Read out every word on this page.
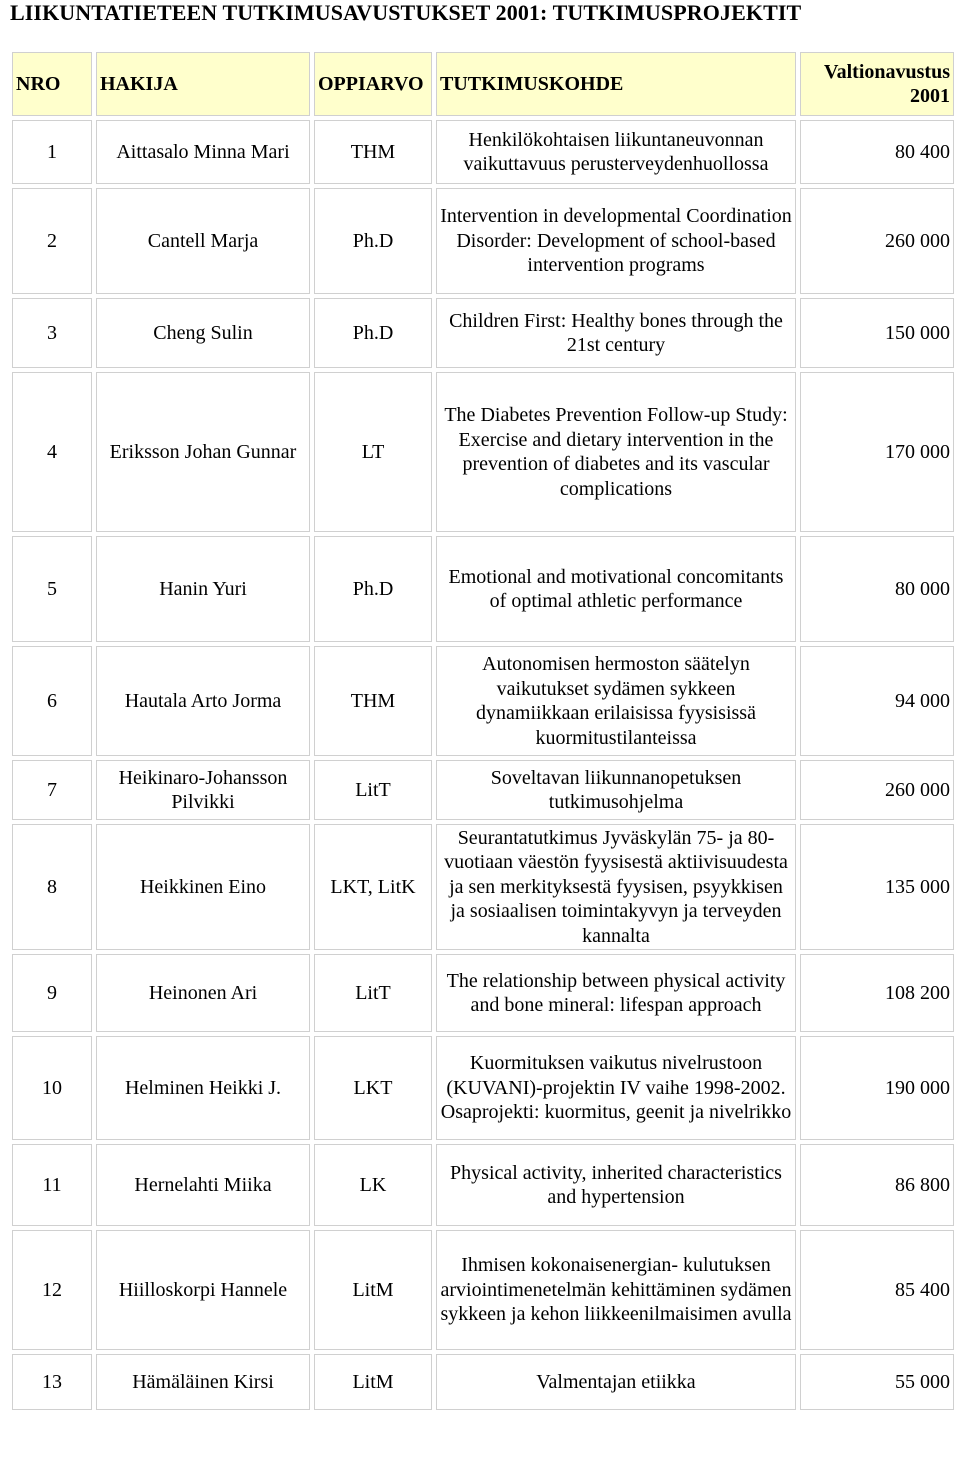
LIIKUNTATIETEEN TUTKIMUSAVUSTUKSET 2001: TUTKIMUSPROJEKTIT
NRO	HAKIJA	OPPIARVO	TUTKIMUSKOHDE	Valtionavustus
2001
1	Aittasalo Minna Mari	THM	Henkilökohtaisen liikuntaneuvonnan vaikuttavuus perusterveydenhuollossa	80 400
2	Cantell Marja	Ph.D	Intervention in developmental Coordination Disorder: Development of school-based intervention programs	260 000
3	Cheng Sulin	Ph.D	Children First: Healthy bones through the 21st century	150 000
4	Eriksson Johan Gunnar	LT	The Diabetes Prevention Follow-up Study: Exercise and dietary intervention in the prevention of diabetes and its vascular complications	170 000
5	Hanin Yuri	Ph.D	Emotional and motivational concomitants of optimal athletic performance	80 000
6	Hautala Arto Jorma	THM	Autonomisen hermoston säätelyn vaikutukset sydämen sykkeen dynamiikkaan erilaisissa fyysisissä kuormitustilanteissa	94 000
7	Heikinaro-Johansson Pilvikki	LitT	Soveltavan liikunnanopetuksen tutkimusohjelma	260 000
8	Heikkinen Eino	LKT, LitK	Seurantatutkimus Jyväskylän 75- ja 80-vuotiaan väestön fyysisestä aktiivisuudesta ja sen merkityksestä fyysisen, psyykkisen ja sosiaalisen toimintakyvyn ja terveyden kannalta	135 000
9	Heinonen Ari	LitT	The relationship between physical activity and bone mineral: lifespan approach	108 200
10	Helminen Heikki J.	LKT	Kuormituksen vaikutus nivelrustoon (KUVANI)-projektin IV vaihe 1998-2002. Osaprojekti: kuormitus, geenit ja nivelrikko	190 000
11	Hernelahti Miika	LK	Physical activity, inherited characteristics and hypertension	86 800
12	Hiilloskorpi Hannele	LitM	Ihmisen kokonaisenergian- kulutuksen arviointimenetelmän kehittäminen sydämen sykkeen ja kehon liikkeenilmaisimen avulla	85 400
13	Hämäläinen Kirsi	LitM	Valmentajan etiikka	55 000
